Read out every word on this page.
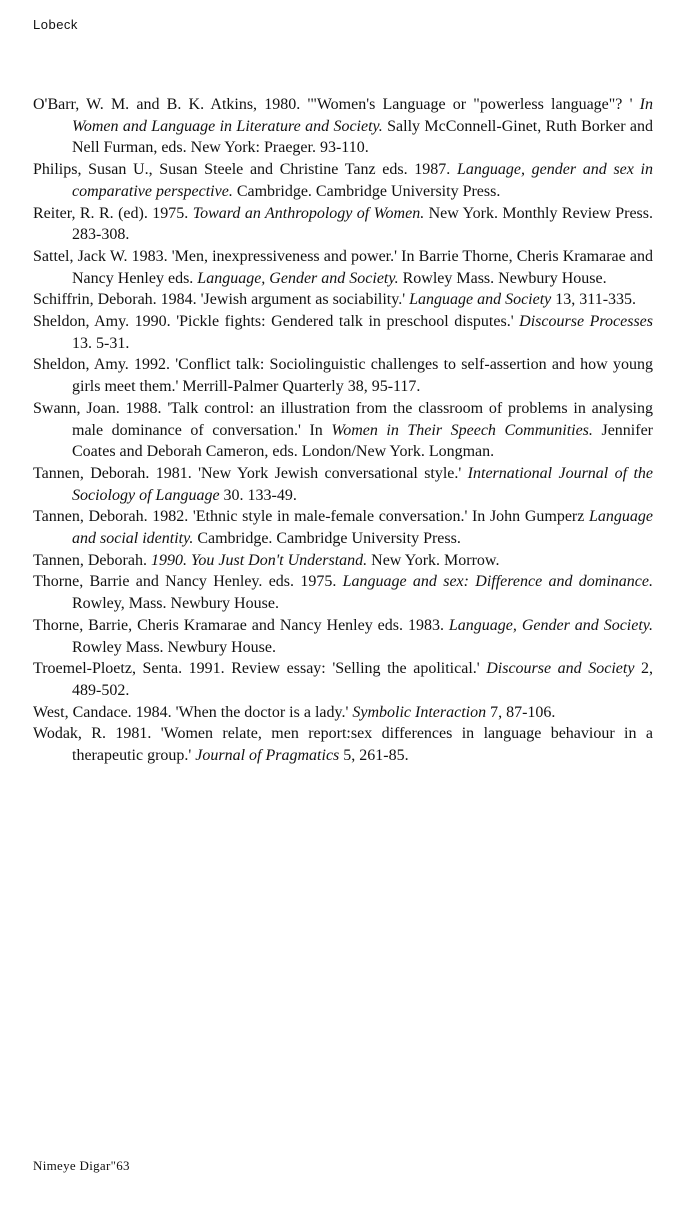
Lobeck

O'Barr, W. M. and B. K. Atkins, 1980. '"Women's Language or "powerless language"? ' In Women and Language in Literature and Society. Sally McConnell-Ginet, Ruth Borker and Nell Furman, eds. New York: Praeger. 93-110.

Philips, Susan U., Susan Steele and Christine Tanz eds. 1987. Language, gender and sex in comparative perspective. Cambridge. Cambridge University Press.

Reiter, R. R. (ed). 1975. Toward an Anthropology of Women. New York. Monthly Review Press. 283-308.

Sattel, Jack W. 1983. 'Men, inexpressiveness and power.' In Barrie Thorne, Cheris Kramarae and Nancy Henley eds. Language, Gender and Society. Rowley Mass. Newbury House.

Schiffrin, Deborah. 1984. 'Jewish argument as sociability.' Language and Society 13, 311-335.

Sheldon, Amy. 1990. 'Pickle fights: Gendered talk in preschool disputes.' Discourse Processes 13. 5-31.

Sheldon, Amy. 1992. 'Conflict talk: Sociolinguistic challenges to self-assertion and how young girls meet them.' Merrill-Palmer Quarterly 38, 95-117.

Swann, Joan. 1988. 'Talk control: an illustration from the classroom of problems in analysing male dominance of conversation.' In Women in Their Speech Communities. Jennifer Coates and Deborah Cameron, eds. London/New York. Longman.

Tannen, Deborah. 1981. 'New York Jewish conversational style.' International Journal of the Sociology of Language 30. 133-49.

Tannen, Deborah. 1982. 'Ethnic style in male-female conversation.' In John Gumperz Language and social identity. Cambridge. Cambridge University Press.

Tannen, Deborah. 1990. You Just Don't Understand. New York. Morrow.

Thorne, Barrie and Nancy Henley. eds. 1975. Language and sex: Difference and dominance. Rowley, Mass. Newbury House.

Thorne, Barrie, Cheris Kramarae and Nancy Henley eds. 1983. Language, Gender and Society. Rowley Mass. Newbury House.

Troemel-Ploetz, Senta. 1991. Review essay: 'Selling the apolitical.' Discourse and Society 2, 489-502.

West, Candace. 1984. 'When the doctor is a lady.' Symbolic Interaction 7, 87-106.

Wodak, R. 1981. 'Women relate, men report:sex differences in language behaviour in a therapeutic group.' Journal of Pragmatics 5, 261-85.

Nimeye Digar"63
